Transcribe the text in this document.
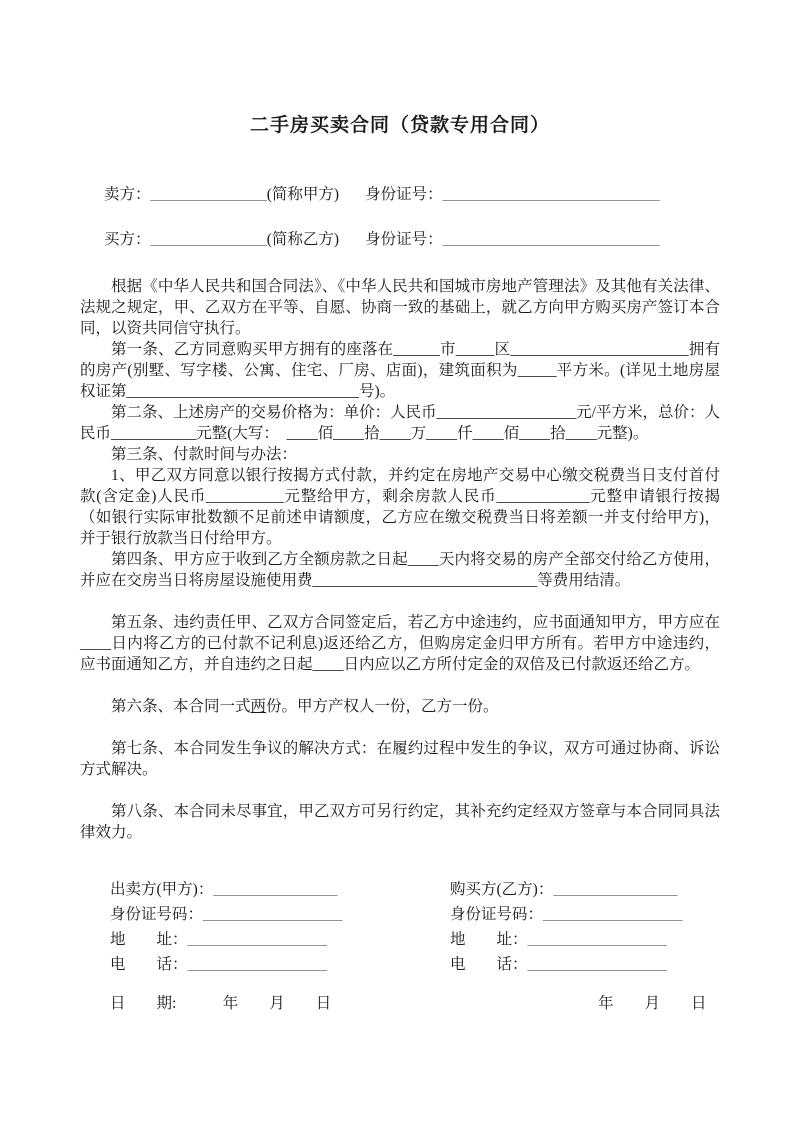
二手房买卖合同（贷款专用合同）
卖方：_______________(简称甲方) 身份证号：____________________________
买方：_______________(简称乙方) 身份证号：____________________________

根据《中华人民共和国合同法》、《中华人民共和国城市房地产管理法》及其他有关法律、法规之规定，甲、乙双方在平等、自愿、协商一致的基础上，就乙方向甲方购买房产签订本合同，以资共同信守执行。

第一条、乙方同意购买甲方拥有的座落在______市_____区_______________________拥有的房产(别墅、写字楼、公寓、住宅、厂房、店面)，建筑面积为_____平方米。(详见土地房屋权证第______________________________号)。

第二条、上述房产的交易价格为：单价：人民币__________________元/平方米，总价：人民币___________元整(大写：　____佰____拾____万____仟____佰____拾____元整)。

第三条、付款时间与办法：

1、甲乙双方同意以银行按揭方式付款，并约定在房地产交易中心缴交税费当日支付首付款(含定金)人民币__________元整给甲方，剩余房款人民币____________元整申请银行按揭（如银行实际审批数额不足前述申请额度，乙方应在缴交税费当日将差额一并支付给甲方)，并于银行放款当日付给甲方。

第四条、甲方应于收到乙方全额房款之日起____天内将交易的房产全部交付给乙方使用，并应在交房当日将房屋设施使用费_____________________________等费用结清。

第五条、违约责任甲、乙双方合同签定后，若乙方中途违约，应书面通知甲方，甲方应在____日内将乙方的已付款不记利息)返还给乙方，但购房定金归甲方所有。若甲方中途违约，应书面通知乙方，并自违约之日起____日内应以乙方所付定金的双倍及已付款返还给乙方。

第六条、本合同一式两份。甲方产权人一份，乙方一份。

第七条、本合同发生争议的解决方式：在履约过程中发生的争议，双方可通过协商、诉讼方式解决。

第八条、本合同未尽事宜，甲乙双方可另行约定，其补充约定经双方签章与本合同同具法律效力。

出卖方(甲方)：________________
身份证号码：__________________
地　　址：__________________
电　　话：__________________
日　　期:　　　年　　月　　日
购买方(乙方)：________________
身份证号码：__________________
地　　址：__________________
电　　话：__________________
年　　月　　日
